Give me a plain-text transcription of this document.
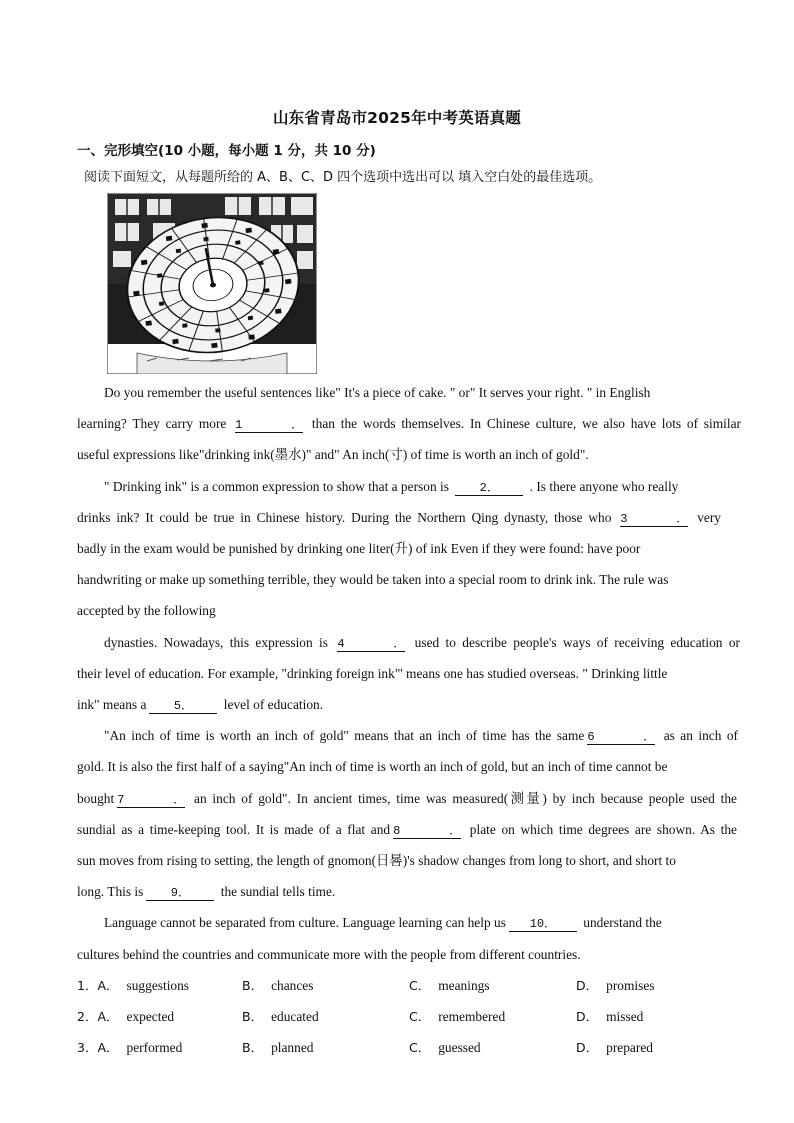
山东省青岛市2025年中考英语真题
一、完形填空(10 小题，每小题 1 分，共 10 分)
阅读下面短文，从每题所给的 A、B、C、D 四个选项中选出可以 填入空白处的最佳选项。
Do you remember the useful sentences like" It's a piece of cake. " or" It serves your right. " in English
learning? They carry more 1． than the words themselves. In Chinese culture, we also have lots of similar
useful expressions like"drinking ink(墨水)" and" An inch(寸) of time is worth an inch of gold".
" Drinking ink" is a common expression to show that a person is	2． . Is there anyone who really
drinks ink? It could be true in Chinese history. During the Northern Qing dynasty, those who 3． very
badly in the exam would be punished by drinking one liter(升) of ink Even if they were found: have poor
handwriting or make up something terrible, they would be taken into a special room to drink ink. The rule was
accepted by the following
dynasties. Nowadays, this expression is 4． used to describe people's ways of receiving education or
their level of education. For example, "drinking foreign ink"' means one has studied overseas. " Drinking little
ink" means a 5． level of education.
"An inch of time is worth an inch of gold" means that an inch of time has the same 6． as an inch of
gold. It is also the first half of a saying"An inch of time is worth an inch of gold, but an inch of time cannot be
bought 7． an inch of gold". In ancient times, time was measured(测量) by inch because people used the
sundial as a time-keeping tool. It is made of a flat and 8． plate on which time degrees are shown. As the
sun moves from rising to setting, the length of gnomon(日晷)'s shadow changes from long to short, and short to
long. This is 9． the sundial tells time.
Language cannot be separated from culture. Language learning can help us 10． understand the
cultures behind the countries and communicate more with the people from different countries.
1．A． suggestions	B． chances	C． meanings	D． promises
2．A． expected	B． educated	C． remembered	D． missed
3．A． performed	B． planned	C． guessed	D． prepared
